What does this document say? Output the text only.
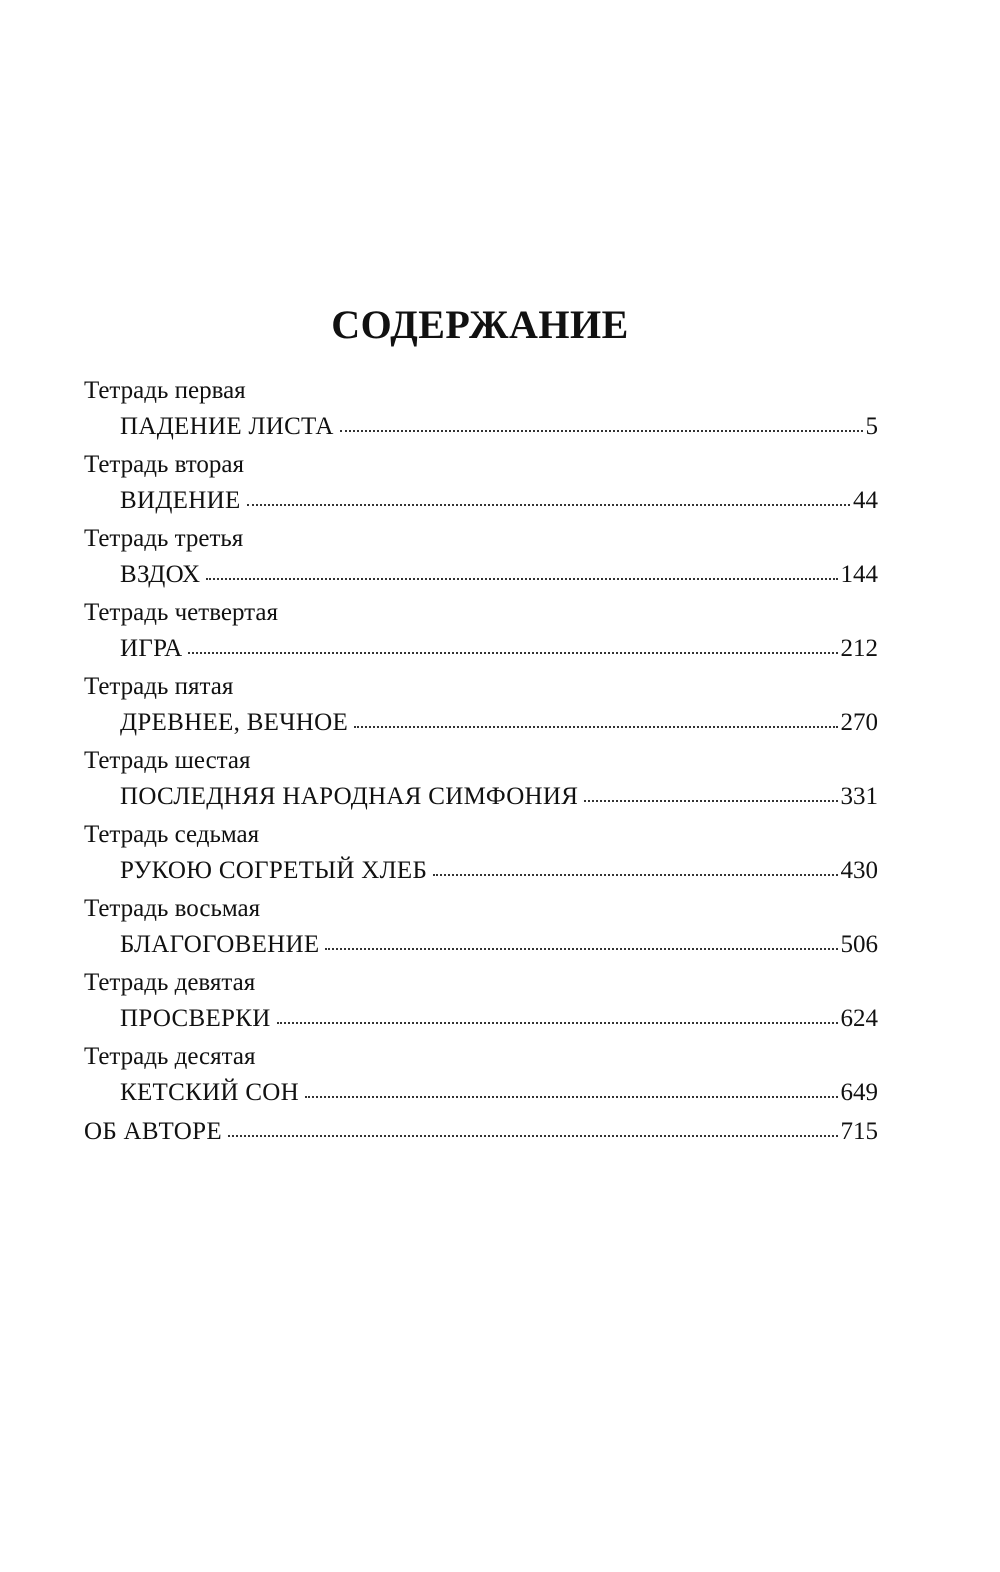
СОДЕРЖАНИЕ
Тетрадь первая
ПАДЕНИЕ ЛИСТА	5
Тетрадь вторая
ВИДЕНИЕ	44
Тетрадь третья
ВЗДОХ	144
Тетрадь четвертая
ИГРА	212
Тетрадь пятая
ДРЕВНЕЕ, ВЕЧНОЕ	270
Тетрадь шестая
ПОСЛЕДНЯЯ НАРОДНАЯ СИМФОНИЯ	331
Тетрадь седьмая
РУКОЮ СОГРЕТЫЙ ХЛЕБ	430
Тетрадь восьмая
БЛАГОГОВЕНИЕ	506
Тетрадь девятая
ПРОСВЕРКИ	624
Тетрадь десятая
КЕТСКИЙ СОН	649
ОБ АВТОРЕ	715
